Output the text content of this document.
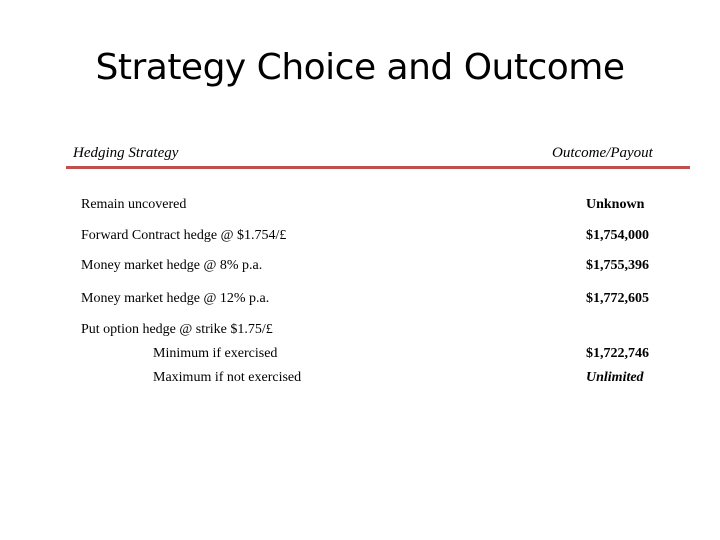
Strategy Choice and Outcome
Hedging Strategy	Outcome/Payout
Remain uncovered	Unknown
Forward Contract hedge @ $1.754/£	$1,754,000
Money market hedge @ 8% p.a.	$1,755,396
Money market hedge @ 12% p.a.	$1,772,605
Put option hedge @ strike $1.75/£
Minimum if exercised	$1,722,746
Maximum if not exercised	Unlimited
